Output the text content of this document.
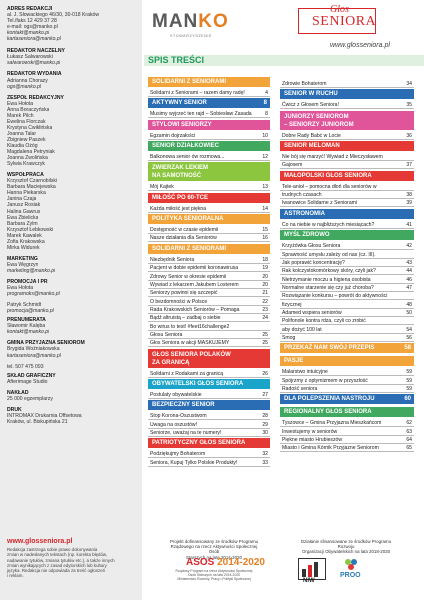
ADRES REDAKCJI
al. J. Słowackiego 46/30, 30-018 Kraków
Tel./faks 12 429 37 28
e-mail: ogs@manko.pl
kontakt@manko.pl
kartaseniora@manko.pl
REDAKTOR NACZELNY
Łukasz Salwarowski
salwarowski@manko.pl
REDAKTOR WYDANIA
Adrianna Chorazy
ogs@manko.pl
ZESPÓŁ REDAKCYJNY
Ewa Hołota
Anna Boraczyńska
Marek Pilch
Ewelina Florczak
Krystyna Cwiklińska
Joanna Talar
Zbigniew Paszek
Klaudia Ożóg
Magdalena Petryniak
Joanna Zwolińska
Sylwia Krawczyk
WSPÓŁPRACA
Krzysztof Czarnobilski
Barbara Maciejewska
Hanna Piekarska
Janina Czaja
Janusz Rosiak
Halina Gawrus
Ewa Zbielicka
Barbara Zylm
Krzysztof Łebkowski
Marek Kawalek
Zofia Krakowska
Mirka Widurek
MARKETING
Ewa Węgrzyn
marketing@manko.pl
PROMOCJA I PR
Ewa Hołota
programoks@manko.pl
Patryk Schmidt
promocja@manko.pl
PRENUMERATA
Sławomir Kalęba
kontakt@manko.pl
GMINA PRZYJAZNA SENIOROM
Brygida Woźniakowska
kartaseniora@manko.pl
tel. 507 475 093
SKŁAD GRAFICZNY
Afterimage Studio
NAKŁAD
25 000 egzemplarzy
DRUK
INTROMAX Drukarnia Offsetowa
Kraków, ul. Biskupińska 21
www.glosseniora.pl
Redakcja zastrzega sobie prawo dokonywania
zmian w nadesłanych tekstach (np. korekta błędów,
nadawanie tytułów, zmiana tytułów etc.), a także innych
zmian wynikających z zasad edytorskich lub kultury
języka. Redakcja nie odpowiada za treść ogłoszeń
i reklam.
MANKO
STOWARZYSZENIE
Głos
SENIORA
www.glosseniora.pl
SPIS TREŚCI
SOLIDARNI Z SENIORAMI
Solidarni z Seniorami – razem damy radę!	4
AKTYWNY SENIOR	8
Musimy wyjrzeć ten rajd – Sobiesław Zasada	8
STYLOWI SENIORZY
Egzamin dojrzałości	10
SENIOR DZIAŁKOWIEC
Balkonowa senior ów rozmowa...	12
ZWIERZAK LEKIEM
NA SAMOTNOŚĆ
Mój Kajtek	13
MIŁOŚĆ PO 60-TCE
Każda miłość jest piękna	14
POLITYKA SENIORALNA
Dostępność w czasie epidemii	15
Nasze działania dla Seniorów	16
SOLIDARNI Z SENIORAMI
Niezbędnik Seniora	18
Pacjent w dobie epidemii koronawirusa	19
Zdrowy Senior w okresie epidemii	20
Wywiad z lekarzem Jakubem Losterem	20
Seniorzy powinni się szczepić	21
O bezdomności w Polsce	22
Rada Krakowskich Seniorów – Pomaga	23
Bądź altruistą – zadbaj o siebie	24
Bo wirus to test! #feet16challenge2
Głosu Seniora	25
Głos Seniora w akcji MASKUJEMY	25
GŁOS SENIORA POLAKÓW
ZA GRANICĄ
Solidarni z Rodakami za granicą	26
OBYWATELSKI GŁOS SENIORA
Postulaty obywatelskie	27
BEZPIECZNY SENIOR
Stop Korona-Oszustwom	28
Uwaga na oszustów!	29
Seniorze, uważaj na te numery!	30
PATRIOTYCZNY GŁOS SENIORA
Podziękujmy Bohaterom	32
Seniora, Kupuj Tylko Polskie Produkty!	33
Zdrowie Bohaterom	34
SENIOR W RUCHU
Ćwicz z Głosem Seniora!	35
JUNIORZY SENIOROM
– SENIORZY JUNIOROM
Dobre Rady Babć w Locie	36
SENIOR MELOMAN
Nie bój się marzyć! Wywiad z Mieczysławem
Gajosem	37
MAŁOPOLSKI GŁOS SENIORA
Tele-anioł – pomocna dłoń dla seniorów w
trudnych czasach	38
Iwanowice Solidarne z Seniorami	39
ASTRONOMIA
Co na niebie w najbliższych miesiącach?	41
MYŚL ZDROWO
Krzyżówka Głosu Seniora	42
Sprawność umysłu zależy od nas (cz. III).
Jak poprawić koncentrację?	43
Rak kolczystokomórkowy skóry, czyli jak?	44
Nietrzymanie moczu a higiena osobista	46
Normalne starzenie się czy już choroba?	47
Rozwiązanie konkursu – powrót do aktywności
fizycznej	48
Adamed wspiera seniorów	50
Polifonole kontra rdza, czyli co zrobić
aby dożyć 100 lat	54
Smog	56
PRZEKAŻ NAM SWÓJ PRZEPIS	58
PASJE
Malarstwo intuicyjne	59
Spójrzmy z optymizmem w przyszłość	59
Radość seniora	59
DLA POLEPSZENIA NASTROJU	60
REGIONALNY GŁOS SENIORA
Tyszowce – Gmina Przyjazna Mieszkańcom	62
Inwestujemy w seniorów	63
Piękne miasto Hrubieszów	64
Miasto i Gmina Kórnik Przyjazne Seniorom	65
Projekt dofinansowany ze środków Programu
Rządowego na rzecz Aktywności Społecznej Osób
Starszych na lata 2014-2020
ASOS 2014-2020
Rządowy Program na rzecz Aktywności Społecznej
Osób Starszych na lata 2014-2020
Ministerstwo Rodziny, Pracy i Polityki Społecznej
Działanie sfinansowane ze środków Programu Rozwoju
Organizacji Obywatelskich na lata 2018-2030
NIW
PROO
